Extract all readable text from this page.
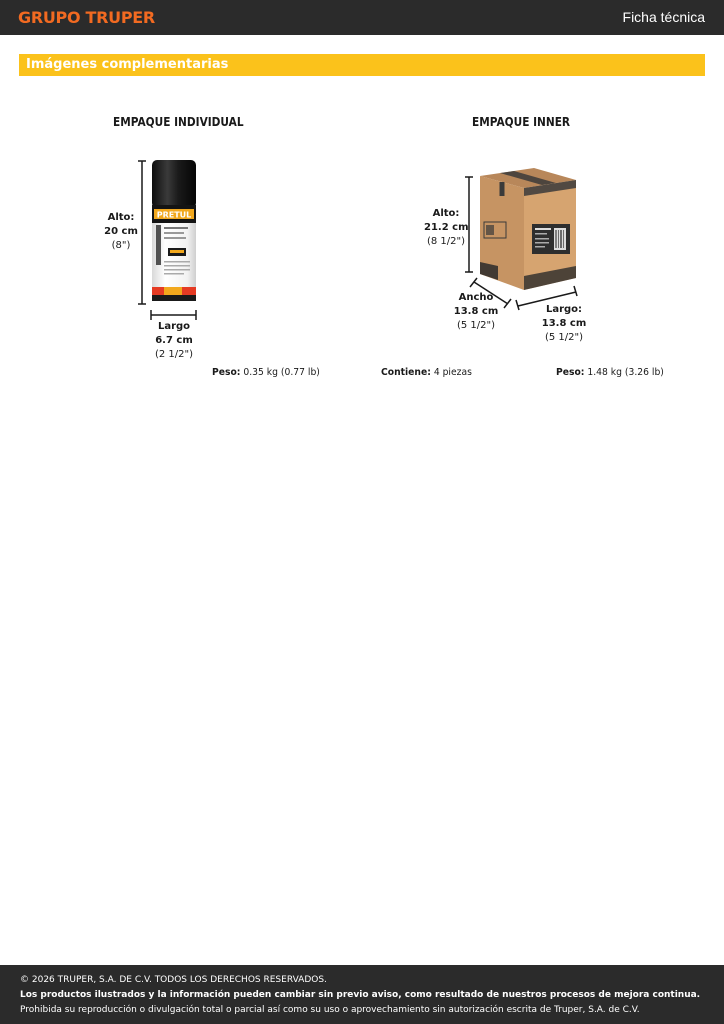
GRUPO TRUPER	Ficha técnica
Imágenes complementarias
EMPAQUE INDIVIDUAL
PRETUL
Alto:
20 cm
(8")
Largo
6.7 cm
(2 1/2")
Peso: 0.35 kg (0.77 lb)
EMPAQUE INNER
Alto:
21.2 cm
(8 1/2")
Ancho
13.8 cm
(5 1/2")
Largo:
13.8 cm
(5 1/2")
Contiene: 4 piezas	Peso: 1.48 kg (3.26 lb)

© 2026 TRUPER, S.A. DE C.V. TODOS LOS DERECHOS RESERVADOS.

Los productos ilustrados y la información pueden cambiar sin previo aviso, como resultado de nuestros procesos de mejora continua.

Prohibida su reproducción o divulgación total o parcial así como su uso o aprovechamiento sin autorización escrita de Truper, S.A. de C.V.
